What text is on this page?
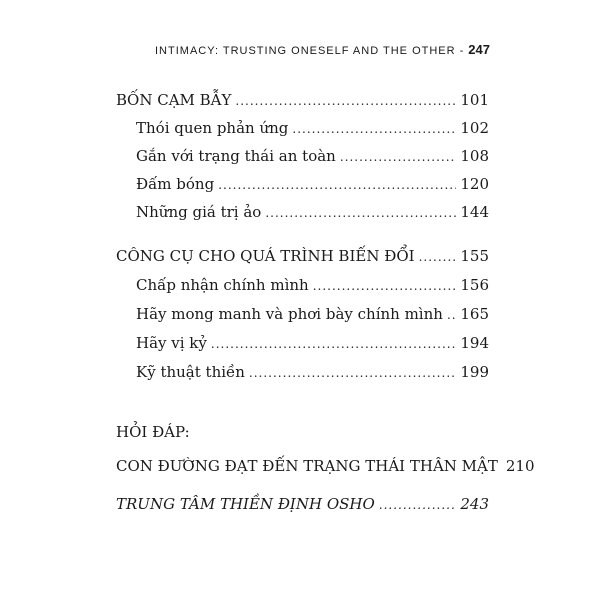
INTIMACY: TRUSTING ONESELF AND THE OTHER - 247
BỐN CẠM BẪY .....	101
Thói quen phản ứng .....	102
Gắn với trạng thái an toàn .....	108
Đấm bóng .....	120
Những giá trị ảo .....	144
CÔNG CỤ CHO QUÁ TRÌNH BIẾN ĐỔI .....	155
Chấp nhận chính mình .....	156
Hãy mong manh và phơi bày chính mình ..... 165
Hãy vị kỷ .....	194
Kỹ thuật thiền .....	199
HỎI ĐÁP:
CON ĐƯỜNG ĐẠT ĐẾN TRẠNG THÁI THÂN MẬT 210
TRUNG TÂM THIỀN ĐỊNH OSHO .....	243
